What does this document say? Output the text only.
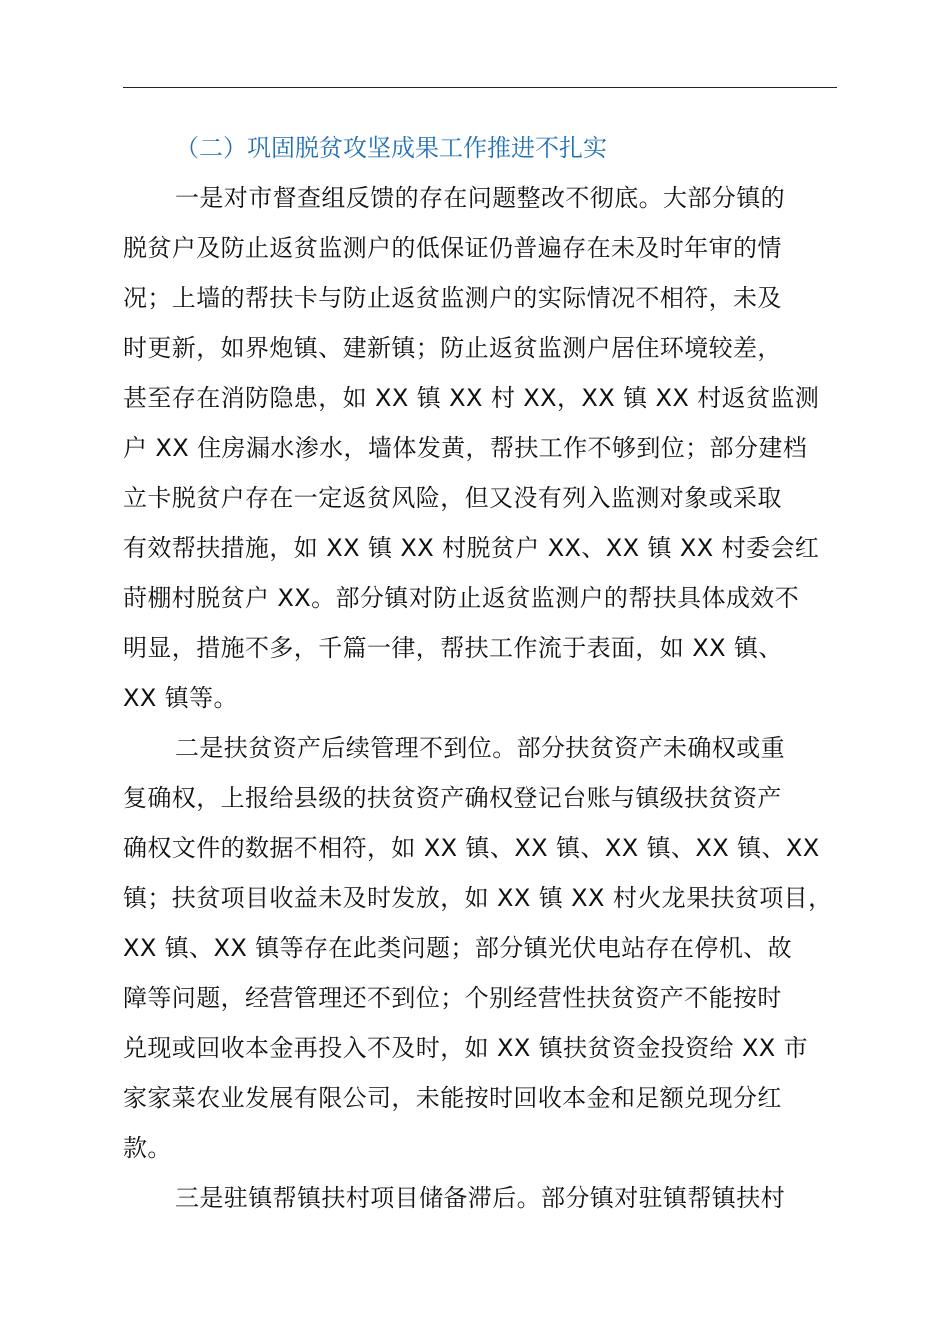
（二）巩固脱贫攻坚成果工作推进不扎实
一是对市督查组反馈的存在问题整改不彻底。大部分镇的
脱贫户及防止返贫监测户的低保证仍普遍存在未及时年审的情
况；上墙的帮扶卡与防止返贫监测户的实际情况不相符，未及
时更新，如界炮镇、建新镇；防止返贫监测户居住环境较差，
甚至存在消防隐患，如 XX 镇 XX 村 XX，XX 镇 XX 村返贫监测
户 XX 住房漏水渗水，墙体发黄，帮扶工作不够到位；部分建档
立卡脱贫户存在一定返贫风险，但又没有列入监测对象或采取
有效帮扶措施，如 XX 镇 XX 村脱贫户 XX、XX 镇 XX 村委会红
莳棚村脱贫户 XX。部分镇对防止返贫监测户的帮扶具体成效不
明显，措施不多，千篇一律，帮扶工作流于表面，如 XX 镇、
XX 镇等。
二是扶贫资产后续管理不到位。部分扶贫资产未确权或重
复确权，上报给县级的扶贫资产确权登记台账与镇级扶贫资产
确权文件的数据不相符，如 XX 镇、XX 镇、XX 镇、XX 镇、XX
镇；扶贫项目收益未及时发放，如 XX 镇 XX 村火龙果扶贫项目，
XX 镇、XX 镇等存在此类问题；部分镇光伏电站存在停机、故
障等问题，经营管理还不到位；个别经营性扶贫资产不能按时
兑现或回收本金再投入不及时，如 XX 镇扶贫资金投资给 XX 市
家家菜农业发展有限公司，未能按时回收本金和足额兑现分红
款。
三是驻镇帮镇扶村项目储备滞后。部分镇对驻镇帮镇扶村
